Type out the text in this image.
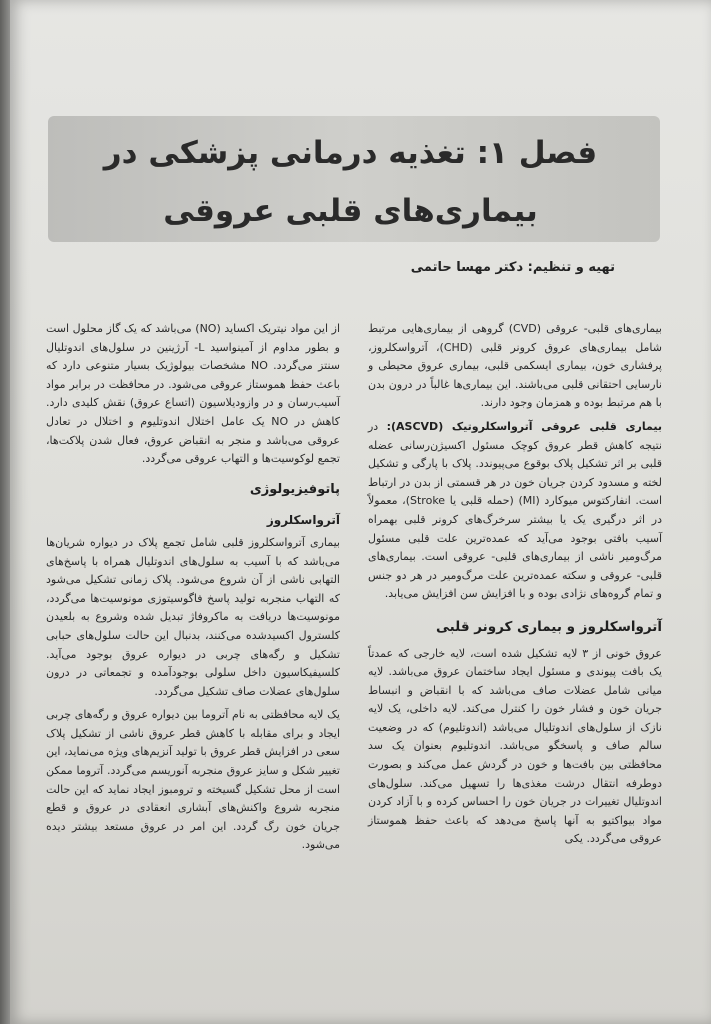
فصل ۱: تغذیه درمانی پزشکی در
بیماری‌های قلبی عروقی
تهیه و تنظیم: دکتر مهسا حاتمی

بیماری‌های قلبی- عروقی (CVD) گروهی از بیماری‌هایی مرتبط شامل بیماری‌های عروق کرونر قلبی (CHD)، آترواسکلروز، پرفشاری خون، بیماری ایسکمی قلبی، بیماری عروق محیطی و نارسایی احتقانی قلبی می‌باشند. این بیماری‌ها غالباً در درون بدن با هم مرتبط بوده و همزمان وجود دارند.

بیماری قلبی عروقی آترواسکلروتیک (ASCVD): در نتیجه کاهش قطر عروق کوچک مسئول اکسیژن‌رسانی عضله قلبی بر اثر تشکیل پلاک بوقوع می‌پیوندد. پلاک با پارگی و تشکیل لخته و مسدود کردن جریان خون در هر قسمتی از بدن در ارتباط است. انفارکتوس میوکارد (MI) (حمله قلبی یا Stroke)، معمولاً در اثر درگیری یک یا بیشتر سرخرگ‌های کرونر قلبی بهمراه آسیب بافتی بوجود می‌آید که عمده‌ترین علت قلبی مسئول مرگ‌ومیر ناشی از بیماری‌های قلبی- عروقی است. بیماری‌های قلبی- عروقی و سکته عمده‌ترین علت مرگ‌ومیر در هر دو جنس و تمام گروه‌های نژادی بوده و با افزایش سن افزایش می‌یابد.

آترواسکلروز و بیماری کرونر قلبی

عروق خونی از ۳ لایه تشکیل شده است، لایه خارجی که عمدتاً یک بافت پیوندی و مسئول ایجاد ساختمان عروق می‌باشد. لایه میانی شامل عضلات صاف می‌باشد که با انقباض و انبساط جریان خون و فشار خون را کنترل می‌کند. لایه داخلی، یک لایه نازک از سلول‌های اندوتلیال می‌باشد (اندوتلیوم) که در وضعیت سالم صاف و پاسخگو می‌باشد. اندوتلیوم بعنوان یک سد محافظتی بین بافت‌ها و خون در گردش عمل می‌کند و بصورت دوطرفه انتقال درشت مغذی‌ها را تسهیل می‌کند. سلول‌های اندوتلیال تغییرات در جریان خون را احساس کرده و با آزاد کردن مواد بیواکتیو به آنها پاسخ می‌دهد که باعث حفظ هموستاز عروقی می‌گردد. یکی

از این مواد نیتریک اکساید (NO) می‌باشد که یک گاز محلول است و بطور مداوم از آمینواسید L- آرژینین در سلول‌های اندوتلیال سنتز می‌گردد. NO مشخصات بیولوژیک بسیار متنوعی دارد که باعث حفظ هموستاز عروقی می‌شود. در محافظت در برابر مواد آسیب‌رسان و در وازودیلاسیون (اتساع عروق) نقش کلیدی دارد. کاهش در NO یک عامل اختلال اندوتلیوم و اختلال در تعادل عروقی می‌باشد و منجر به انقباض عروق، فعال شدن پلاکت‌ها، تجمع لوکوسیت‌ها و التهاب عروقی می‌گردد.

پاتوفیزیولوژی
آترواسکلروز

بیماری آترواسکلروز قلبی شامل تجمع پلاک در دیواره شریان‌ها می‌باشد که با آسیب به سلول‌های اندوتلیال همراه با پاسخ‌های التهابی ناشی از آن شروع می‌شود. پلاک زمانی تشکیل می‌شود که التهاب منجربه تولید پاسخ فاگوسیتوزی مونوسیت‌ها می‌گردد، مونوسیت‌ها دریافت به ماکروفاژ تبدیل شده وشروع به بلعیدن کلسترول اکسیدشده می‌کنند، بدنبال این حالت سلول‌های حبابی تشکیل و رگه‌های چربی در دیواره عروق بوجود می‌آید. کلسیفیکاسیون داخل سلولی بوجودآمده و تجمعاتی در درون سلول‌های عضلات صاف تشکیل می‌گردد.

یک لایه محافظتی به نام آتروما بین دیواره عروق و رگه‌های چربی ایجاد و برای مقابله با کاهش قطر عروق ناشی از تشکیل پلاک سعی در افزایش قطر عروق با تولید آنزیم‌های ویژه می‌نماید، این تغییر شکل و سایز عروق منجربه آنوریسم می‌گردد. آتروما ممکن است از محل تشکیل گسیخته و ترومبوز ایجاد نماید که این حالت منجربه شروع واکنش‌های آبشاری انعقادی در عروق و قطع جریان خون رگ گردد. این امر در عروق مستعد بیشتر دیده می‌شود.
